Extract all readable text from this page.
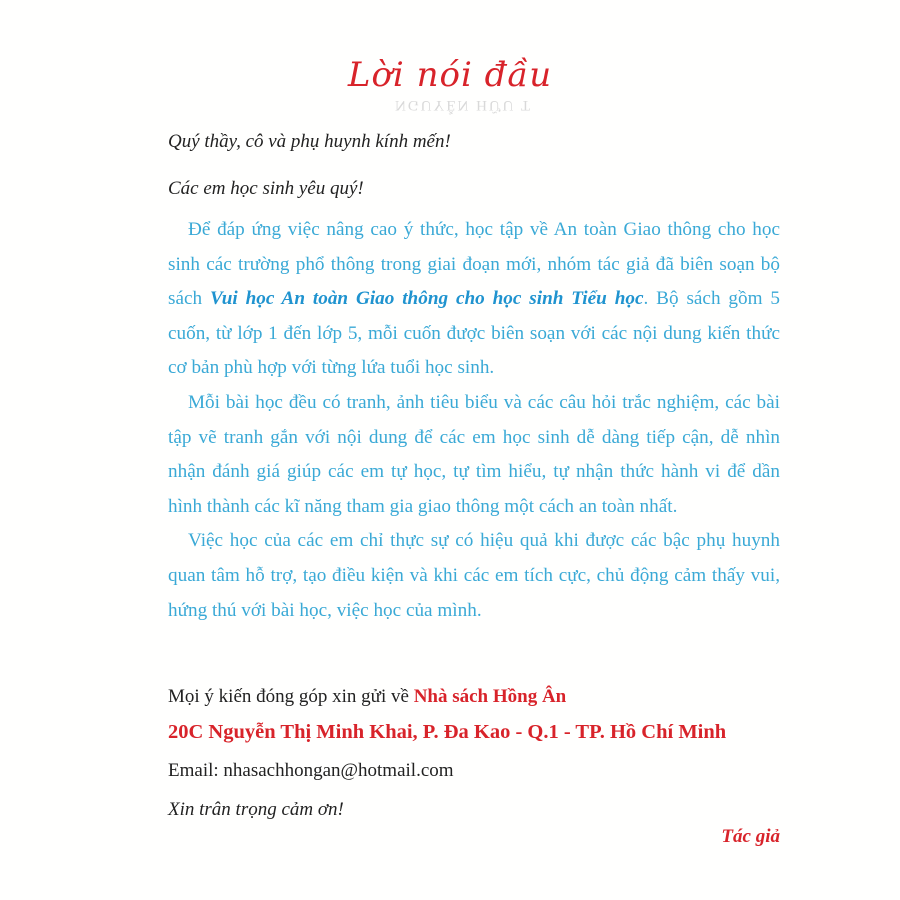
Lời nói đầu
NGUYỄN HỮU T
Quý thầy, cô và phụ huynh kính mến!
Các em học sinh yêu quý!

Để đáp ứng việc nâng cao ý thức, học tập về An toàn Giao thông cho học sinh các trường phổ thông trong giai đoạn mới, nhóm tác giả đã biên soạn bộ sách Vui học An toàn Giao thông cho học sinh Tiểu học. Bộ sách gồm 5 cuốn, từ lớp 1 đến lớp 5, mỗi cuốn được biên soạn với các nội dung kiến thức cơ bản phù hợp với từng lứa tuổi học sinh.

Mỗi bài học đều có tranh, ảnh tiêu biểu và các câu hỏi trắc nghiệm, các bài tập vẽ tranh gắn với nội dung để các em học sinh dễ dàng tiếp cận, dễ nhìn nhận đánh giá giúp các em tự học, tự tìm hiểu, tự nhận thức hành vi để dần hình thành các kĩ năng tham gia giao thông một cách an toàn nhất.

Việc học của các em chỉ thực sự có hiệu quả khi được các bậc phụ huynh quan tâm hỗ trợ, tạo điều kiện và khi các em tích cực, chủ động cảm thấy vui, hứng thú với bài học, việc học của mình.

Mọi ý kiến đóng góp xin gửi về Nhà sách Hồng Ân
20C Nguyễn Thị Minh Khai, P. Đa Kao - Q.1 - TP. Hồ Chí Minh
Email: nhasachhongan@hotmail.com
Xin trân trọng cảm ơn!
Tác giả
